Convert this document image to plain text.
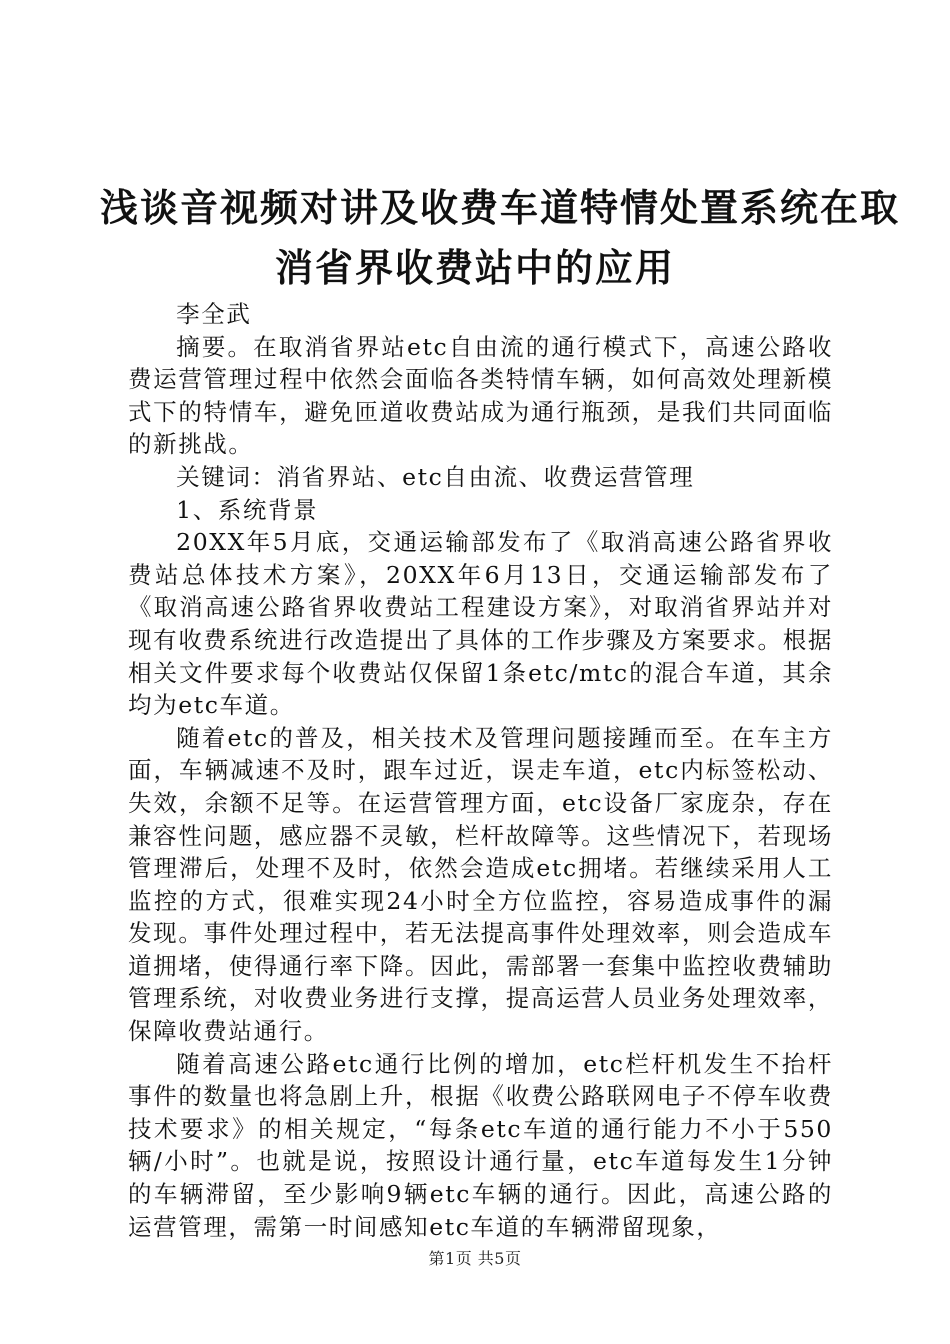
浅谈音视频对讲及收费车道特情处置系统在取
消省界收费站中的应用

李全武

摘要。在取消省界站etc自由流的通行模式下，高速公路收费运营管理过程中依然会面临各类特情车辆，如何高效处理新模式下的特情车，避免匝道收费站成为通行瓶颈，是我们共同面临的新挑战。

关键词：消省界站、etc自由流、收费运营管理

1、系统背景

20XX年5月底，交通运输部发布了《取消高速公路省界收费站总体技术方案》，20XX年6月13日，交通运输部发布了《取消高速公路省界收费站工程建设方案》，对取消省界站并对现有收费系统进行改造提出了具体的工作步骤及方案要求。根据相关文件要求每个收费站仅保留1条etc/mtc的混合车道，其余均为etc车道。

随着etc的普及，相关技术及管理问题接踵而至。在车主方面，车辆减速不及时，跟车过近，误走车道，etc内标签松动、失效，余额不足等。在运营管理方面，etc设备厂家庞杂，存在兼容性问题，感应器不灵敏，栏杆故障等。这些情况下，若现场管理滞后，处理不及时，依然会造成etc拥堵。若继续采用人工监控的方式，很难实现24小时全方位监控，容易造成事件的漏发现。事件处理过程中，若无法提高事件处理效率，则会造成车道拥堵，使得通行率下降。因此，需部署一套集中监控收费辅助管理系统，对收费业务进行支撑，提高运营人员业务处理效率，保障收费站通行。

随着高速公路etc通行比例的增加，etc栏杆机发生不抬杆事件的数量也将急剧上升，根据《收费公路联网电子不停车收费技术要求》的相关规定，“每条etc车道的通行能力不小于550辆/小时”。也就是说，按照设计通行量，etc车道每发生1分钟的车辆滞留，至少影响9辆etc车辆的通行。因此，高速公路的运营管理，需第一时间感知etc车道的车辆滞留现象，

第1页 共5页
